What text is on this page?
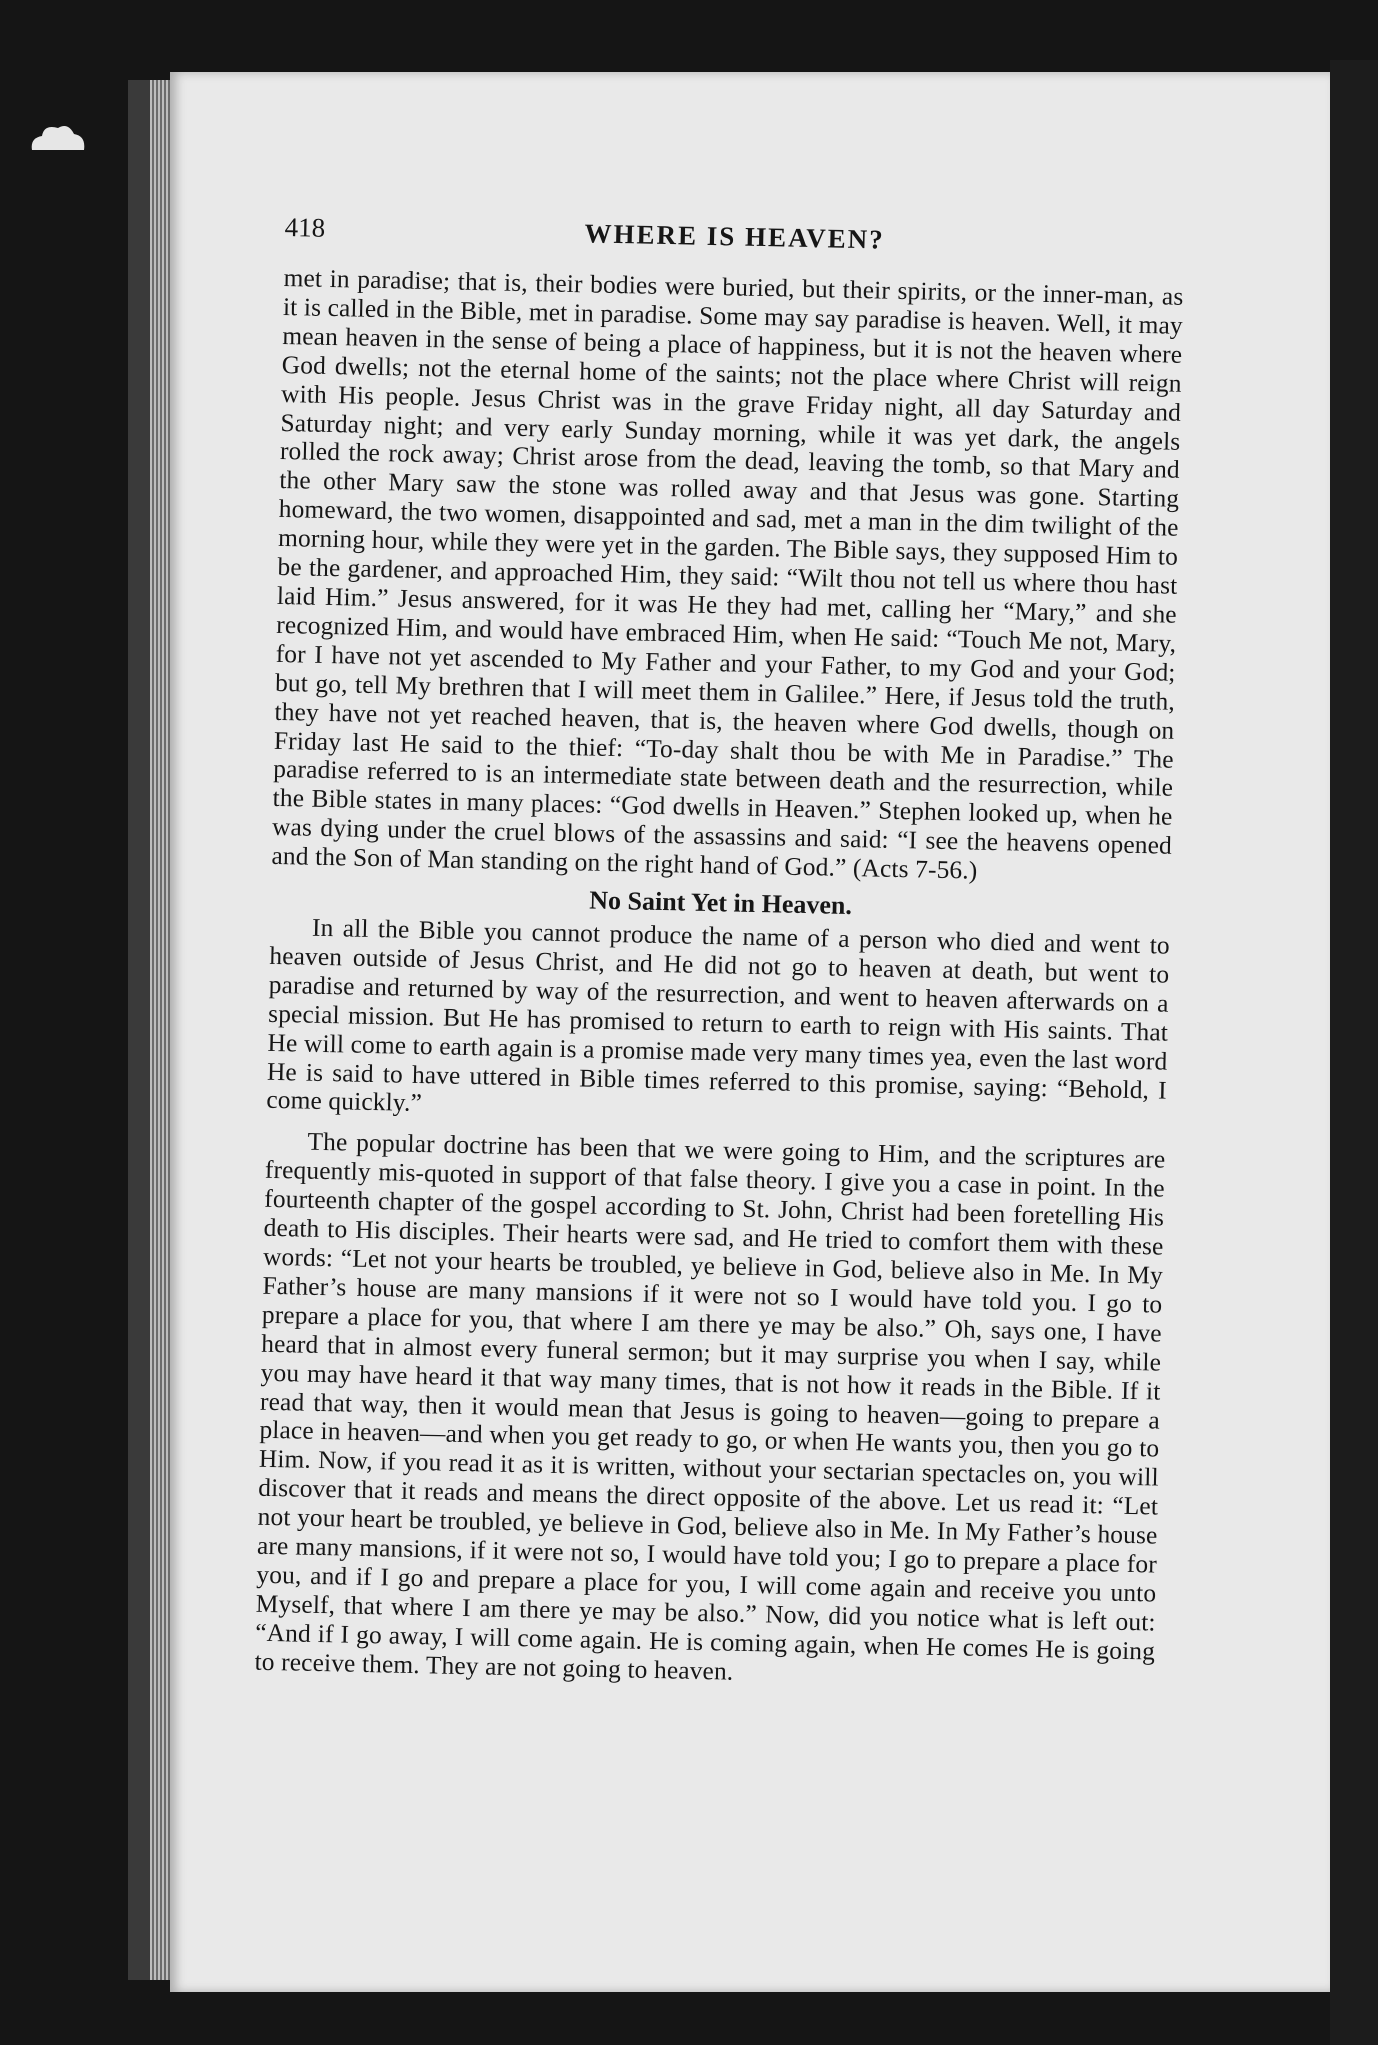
418	WHERE IS HEAVEN?

met in paradise; that is, their bodies were buried, but their spirits, or the inner-man, as it is called in the Bible, met in paradise. Some may say paradise is heaven. Well, it may mean heaven in the sense of being a place of happiness, but it is not the heaven where God dwells; not the eternal home of the saints; not the place where Christ will reign with His people. Jesus Christ was in the grave Friday night, all day Saturday and Saturday night; and very early Sunday morning, while it was yet dark, the angels rolled the rock away; Christ arose from the dead, leaving the tomb, so that Mary and the other Mary saw the stone was rolled away and that Jesus was gone. Starting homeward, the two women, disappointed and sad, met a man in the dim twilight of the morning hour, while they were yet in the garden. The Bible says, they supposed Him to be the gardener, and approached Him, they said: “Wilt thou not tell us where thou hast laid Him.” Jesus answered, for it was He they had met, calling her “Mary,” and she recognized Him, and would have embraced Him, when He said: “Touch Me not, Mary, for I have not yet ascended to My Father and your Father, to my God and your God; but go, tell My brethren that I will meet them in Galilee.” Here, if Jesus told the truth, they have not yet reached heaven, that is, the heaven where God dwells, though on Friday last He said to the thief: “To-day shalt thou be with Me in Paradise.” The paradise referred to is an intermediate state between death and the resurrection, while the Bible states in many places: “God dwells in Heaven.” Stephen looked up, when he was dying under the cruel blows of the assassins and said: “I see the heavens opened and the Son of Man standing on the right hand of God.” (Acts 7-56.)

No Saint Yet in Heaven.

In all the Bible you cannot produce the name of a person who died and went to heaven outside of Jesus Christ, and He did not go to heaven at death, but went to paradise and returned by way of the resurrection, and went to heaven afterwards on a special mission. But He has promised to return to earth to reign with His saints. That He will come to earth again is a promise made very many times yea, even the last word He is said to have uttered in Bible times referred to this promise, saying: “Behold, I come quickly.”

The popular doctrine has been that we were going to Him, and the scriptures are frequently mis-quoted in support of that false theory. I give you a case in point. In the fourteenth chapter of the gospel according to St. John, Christ had been foretelling His death to His disciples. Their hearts were sad, and He tried to comfort them with these words: “Let not your hearts be troubled, ye believe in God, believe also in Me. In My Father’s house are many mansions if it were not so I would have told you. I go to prepare a place for you, that where I am there ye may be also.” Oh, says one, I have heard that in almost every funeral sermon; but it may surprise you when I say, while you may have heard it that way many times, that is not how it reads in the Bible. If it read that way, then it would mean that Jesus is going to heaven—going to prepare a place in heaven—and when you get ready to go, or when He wants you, then you go to Him. Now, if you read it as it is written, without your sectarian spectacles on, you will discover that it reads and means the direct opposite of the above. Let us read it: “Let not your heart be troubled, ye believe in God, believe also in Me. In My Father’s house are many mansions, if it were not so, I would have told you; I go to prepare a place for you, and if I go and prepare a place for you, I will come again and receive you unto Myself, that where I am there ye may be also.” Now, did you notice what is left out: “And if I go away, I will come again. He is coming again, when He comes He is going to receive them. They are not going to heaven.
